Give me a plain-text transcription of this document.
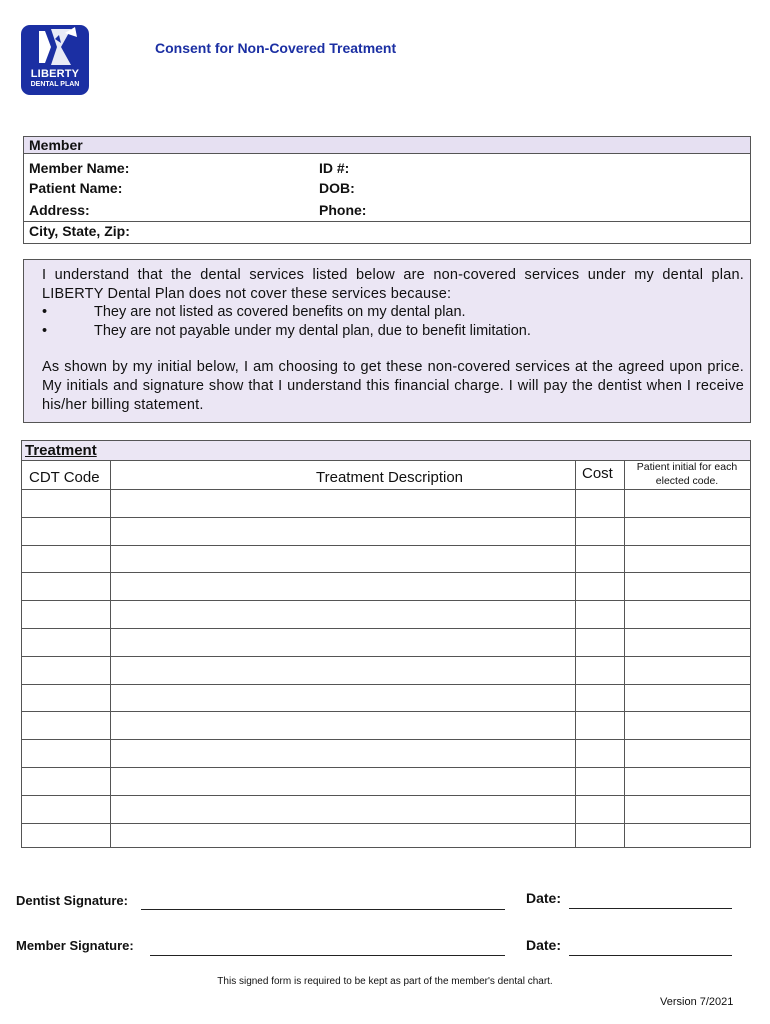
LIBERTY
DENTAL PLAN
Consent for Non-Covered Treatment
Member
Member Name:	ID #:
Patient Name:	DOB:
Address:	Phone:
City, State, Zip:
I understand that the dental services listed below are non-covered services under my dental plan. LIBERTY Dental Plan does not cover these services because:
•	They are not listed as covered benefits on my dental plan.
•	They are not payable under my dental plan, due to benefit limitation.
As shown by my initial below, I am choosing to get these non-covered services at the agreed upon price. My initials and signature show that I understand this financial charge. I will pay the dentist when I receive his/her billing statement.
Treatment
CDT Code	Treatment Description	Cost	Patient initial for each elected code.
Dentist Signature:	Date:
Member Signature:	Date:
This signed form is required to be kept as part of the member's dental chart.
Version 7/2021
